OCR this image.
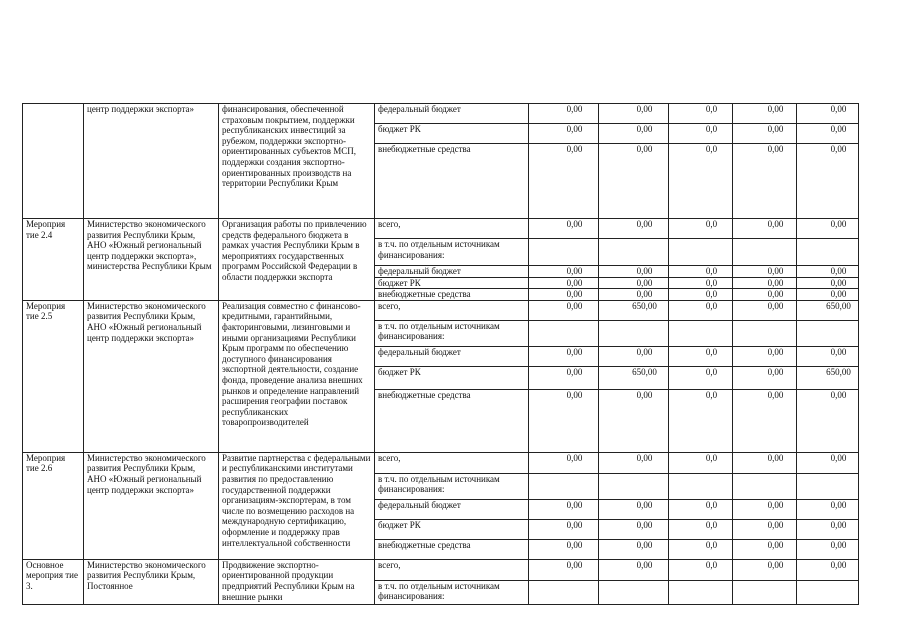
	центр поддержки экспорта»	финансирования, обеспеченной страховым покрытием, поддержки республиканских инвестиций за рубежом, поддержки экспортно-ориентированных субъектов МСП, поддержки создания экспортно-ориентированных производств на территории Республики Крым	федеральный бюджет	0,00	0,00	0,0	0,00	0,00
			бюджет РК	0,00	0,00	0,0	0,00	0,00
			внебюджетные средства	0,00	0,00	0,0	0,00	0,00
Мероприя тие 2.4	Министерство экономического развития Республики Крым, АНО «Южный региональный центр поддержки экспорта», министерства Республики Крым	Организация работы по привлечению средств федерального бюджета в рамках участия Республики Крым в мероприятиях государственных программ Российской Федерации в области поддержки экспорта	всего,	0,00	0,00	0,0	0,00	0,00
			в т.ч. по отдельным источникам финансирования:					
			федеральный бюджет	0,00	0,00	0,0	0,00	0,00
			бюджет РК	0,00	0,00	0,0	0,00	0,00
			внебюджетные средства	0,00	0,00	0,0	0,00	0,00
Мероприя тие 2.5	Министерство экономического развития Республики Крым, АНО «Южный региональный центр поддержки экспорта»	Реализация совместно с финансово-кредитными, гарантийными, факторинговыми, лизинговыми и иными организациями Республики Крым программ по обеспечению доступного финансирования экспортной деятельности, создание фонда, проведение анализа внешних рынков и определение направлений расширения географии поставок республиканских товаропроизводителей	всего,	0,00	650,00	0,0	0,00	650,00
			в т.ч. по отдельным источникам финансирования:					
			федеральный бюджет	0,00	0,00	0,0	0,00	0,00
			бюджет РК	0,00	650,00	0,0	0,00	650,00
			внебюджетные средства	0,00	0,00	0,0	0,00	0,00
Мероприя тие 2.6	Министерство экономического развития Республики Крым, АНО «Южный региональный центр поддержки экспорта»	Развитие партнерства с федеральными и республиканскими институтами развития по предоставлению государственной поддержки организациям-экспортерам, в том числе по возмещению расходов на международную сертификацию, оформление и поддержку прав интеллектуальной собственности	всего,	0,00	0,00	0,0	0,00	0,00
			в т.ч. по отдельным источникам финансирования:					
			федеральный бюджет	0,00	0,00	0,0	0,00	0,00
			бюджет РК	0,00	0,00	0,0	0,00	0,00
			внебюджетные средства	0,00	0,00	0,0	0,00	0,00
Основное мероприя тие 3.	Министерство экономического развития Республики Крым, Постоянное	Продвижение экспортно-ориентированной продукции предприятий Республики Крым на внешние рынки	всего,	0,00	0,00	0,0	0,00	0,00
			в т.ч. по отдельным источникам финансирования:					
